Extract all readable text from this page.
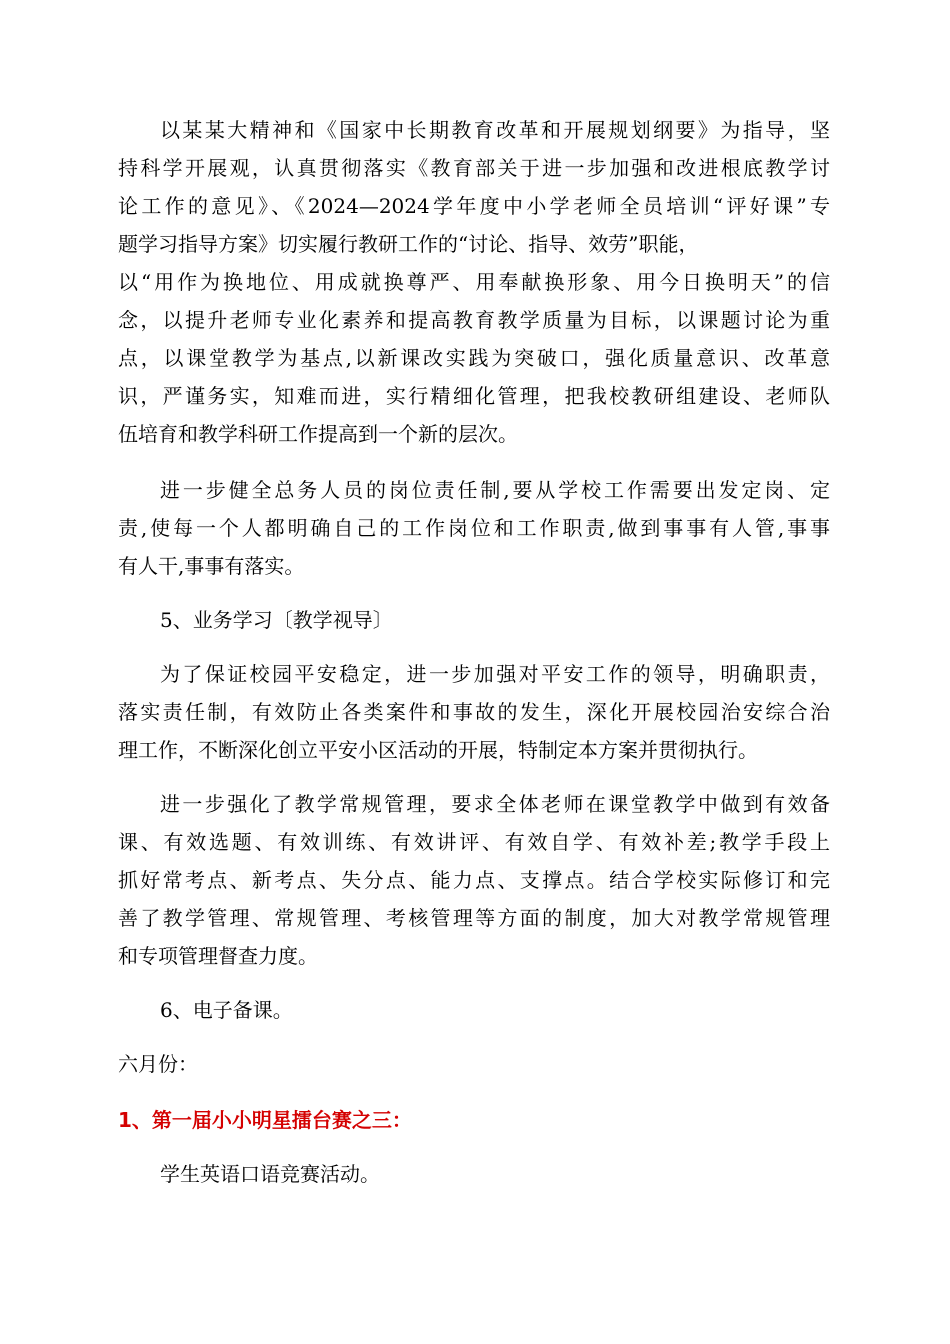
以某某大精神和《国家中长期教育改革和开展规划纲要》为指导，坚
持科学开展观，认真贯彻落实《教育部关于进一步加强和改进根底教学讨
论工作的意见》、《2024—2024学年度中小学老师全员培训“评好课”专
题学习指导方案》切实履行教研工作的“讨论、指导、效劳”职能，
以“用作为换地位、用成就换尊严、用奉献换形象、用今日换明天”的信
念，以提升老师专业化素养和提高教育教学质量为目标，以课题讨论为重
点，以课堂教学为基点,以新课改实践为突破口，强化质量意识、改革意
识，严谨务实，知难而进，实行精细化管理，把我校教研组建设、老师队
伍培育和教学科研工作提高到一个新的层次。
进一步健全总务人员的岗位责任制,要从学校工作需要出发定岗、定
责,使每一个人都明确自己的工作岗位和工作职责,做到事事有人管,事事
有人干,事事有落实。
5、业务学习〔教学视导〕
为了保证校园平安稳定，进一步加强对平安工作的领导，明确职责，
落实责任制，有效防止各类案件和事故的发生，深化开展校园治安综合治
理工作，不断深化创立平安小区活动的开展，特制定本方案并贯彻执行。
进一步强化了教学常规管理，要求全体老师在课堂教学中做到有效备
课、有效选题、有效训练、有效讲评、有效自学、有效补差;教学手段上
抓好常考点、新考点、失分点、能力点、支撑点。结合学校实际修订和完
善了教学管理、常规管理、考核管理等方面的制度，加大对教学常规管理
和专项管理督查力度。
6、电子备课。
六月份：
1、第一届小小明星擂台赛之三：
学生英语口语竞赛活动。
